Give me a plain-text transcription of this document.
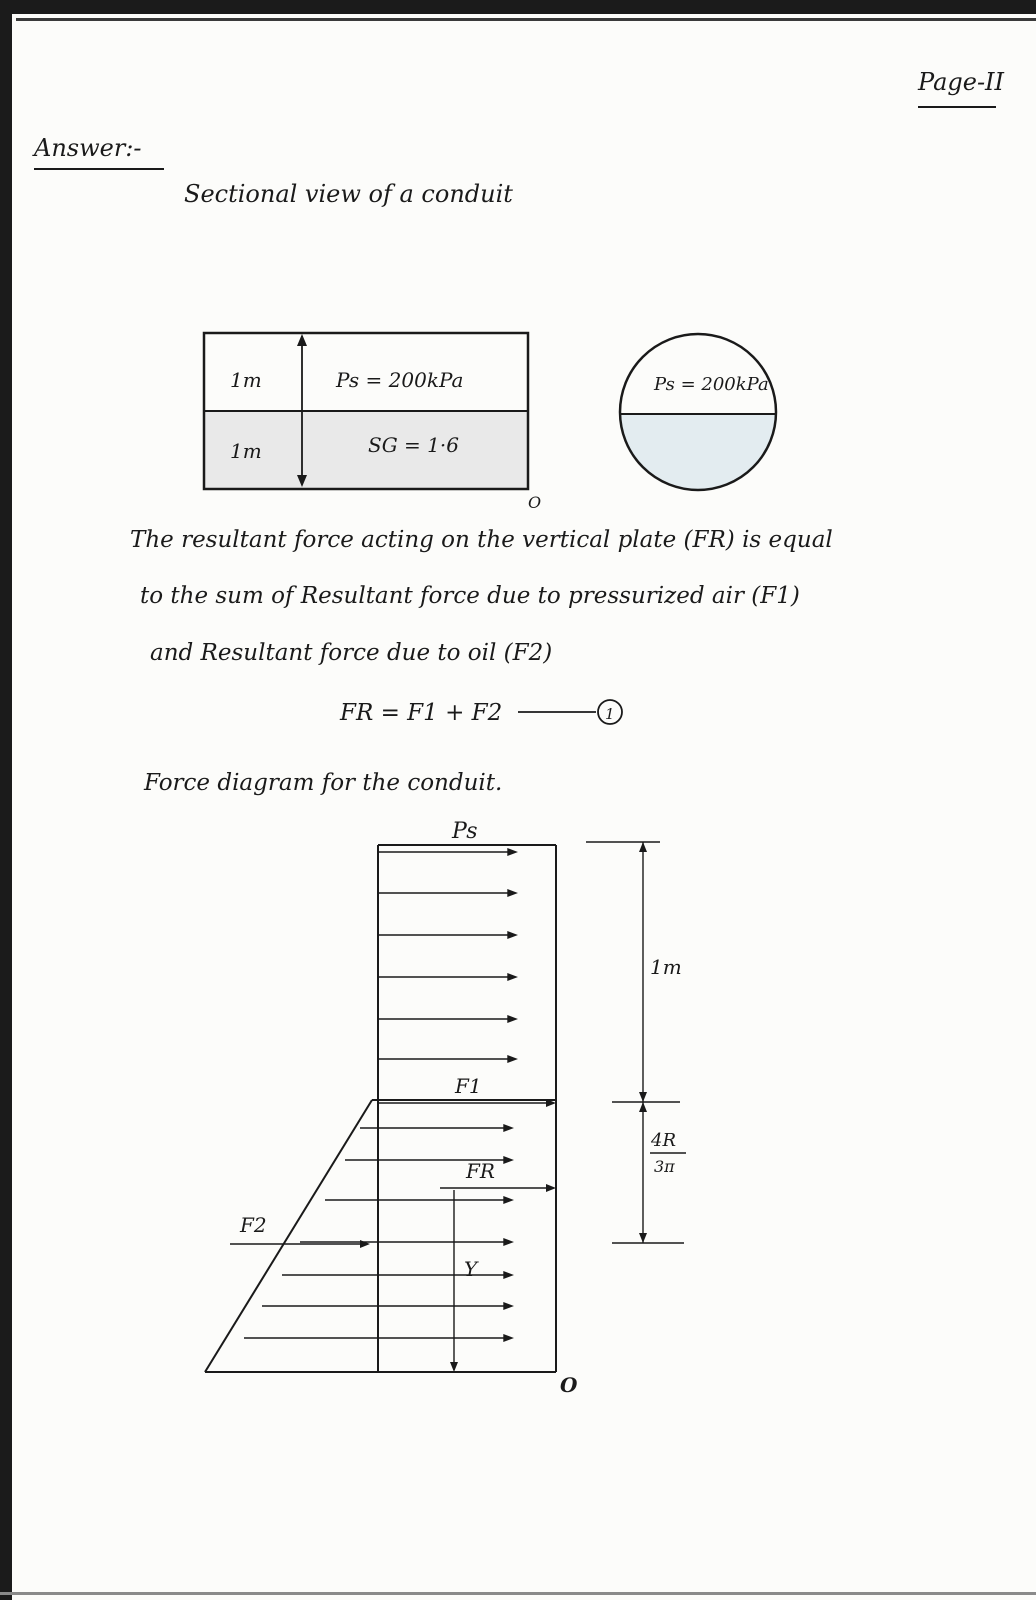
Page-II
Answer:-
Sectional view of a conduit
1m	Ps = 200kPa
1m	SG = 1·6
O
Ps = 200kPa
1
Ps
F1
F2
FR
Y
1m
4R
3π
O
The resultant force acting on the vertical plate (FR) is equal
to the sum of Resultant force due to pressurized air (F1)
and Resultant force due to oil (F2)
FR = F1 + F2
Force diagram for the conduit.
